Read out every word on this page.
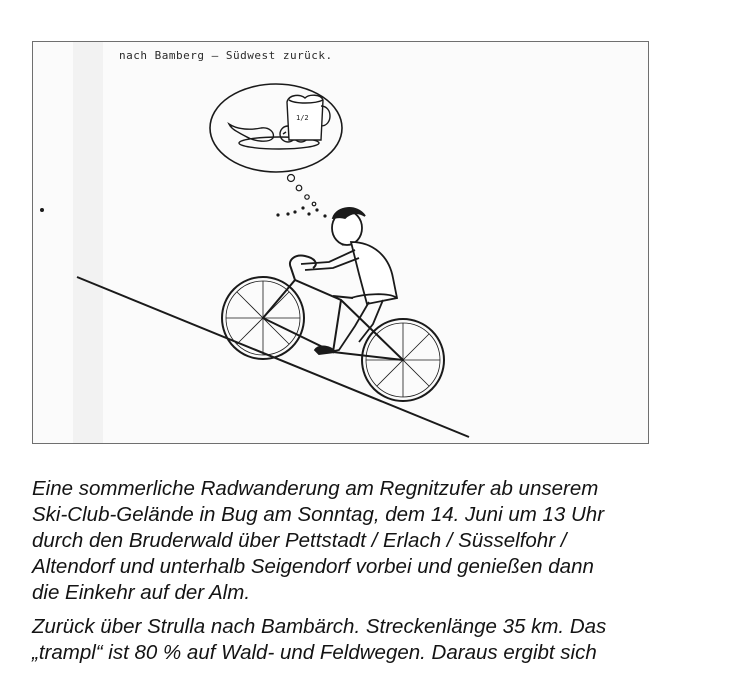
1/2
nach Bamberg – Südwest zurück.

Eine sommerliche Radwanderung am Regnitzufer ab unserem
Ski-Club-Gelände in Bug am Sonntag, dem 14. Juni um 13 Uhr
durch den Bruderwald über Pettstadt / Erlach / Süsselfohr /
Altendorf und unterhalb Seigendorf vorbei und genießen dann
die Einkehr auf der Alm.

Zurück über Strulla nach Bambärch. Streckenlänge 35 km. Das
„trampl“ ist 80 % auf Wald- und Feldwegen. Daraus ergibt sich
